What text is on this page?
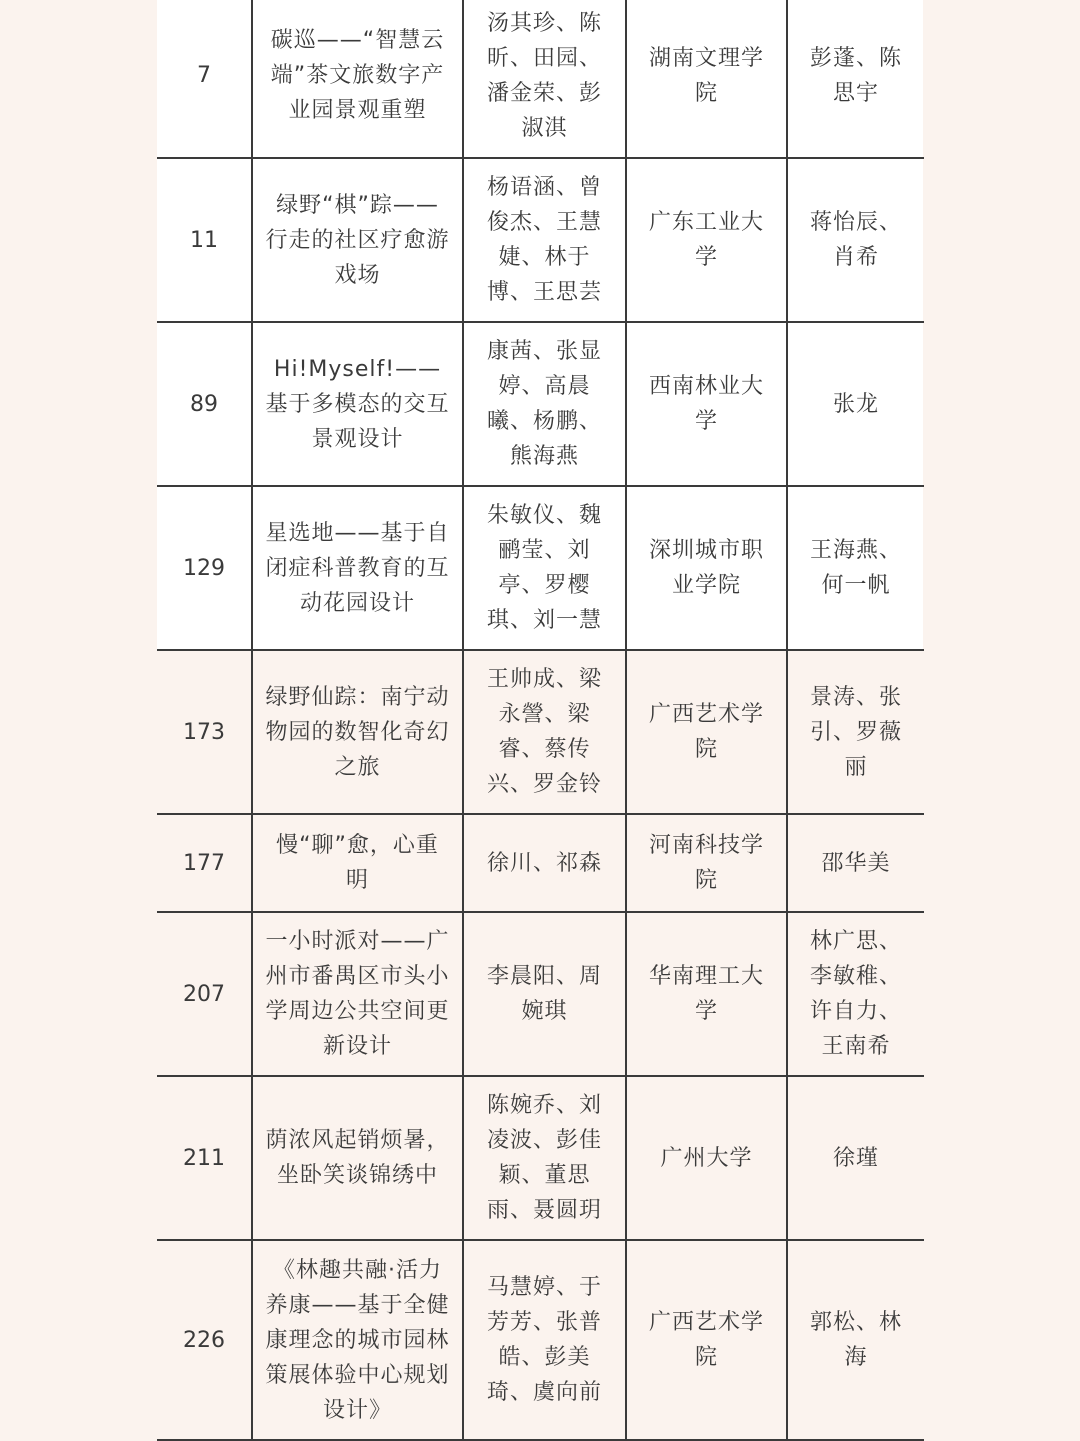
7	碳巡——“智慧云端”茶文旅数字产业园景观重塑	汤其珍、陈昕、田园、潘金荣、彭淑淇	湖南文理学院	彭蓬、陈思宇
11	绿野“棋”踪——行走的社区疗愈游戏场	杨语涵、曾俊杰、王慧婕、林于博、王思芸	广东工业大学	蒋怡辰、肖希
89	Hi!Myself!——基于多模态的交互景观设计	康茜、张显婷、高晨曦、杨鹏、熊海燕	西南林业大学	张龙
129	星选地——基于自闭症科普教育的互动花园设计	朱敏仪、魏鹂莹、刘亭、罗樱琪、刘一慧	深圳城市职业学院	王海燕、何一帆
173	绿野仙踪：南宁动物园的数智化奇幻之旅	王帅成、梁永謍、梁睿、蔡传兴、罗金铃	广西艺术学院	景涛、张引、罗薇丽
177	慢“聊”愈，心重明	徐川、祁森	河南科技学院	邵华美
207	一小时派对——广州市番禺区市头小学周边公共空间更新设计	李晨阳、周婉琪	华南理工大学	林广思、李敏稚、许自力、王南希
211	荫浓风起销烦暑，坐卧笑谈锦绣中	陈婉乔、刘凌波、彭佳颖、董思雨、聂圆玥	广州大学	徐瑾
226	《林趣共融·活力养康——基于全健康理念的城市园林策展体验中心规划设计》	马慧婷、于芳芳、张普皓、彭美琦、虞向前	广西艺术学院	郭松、林海
